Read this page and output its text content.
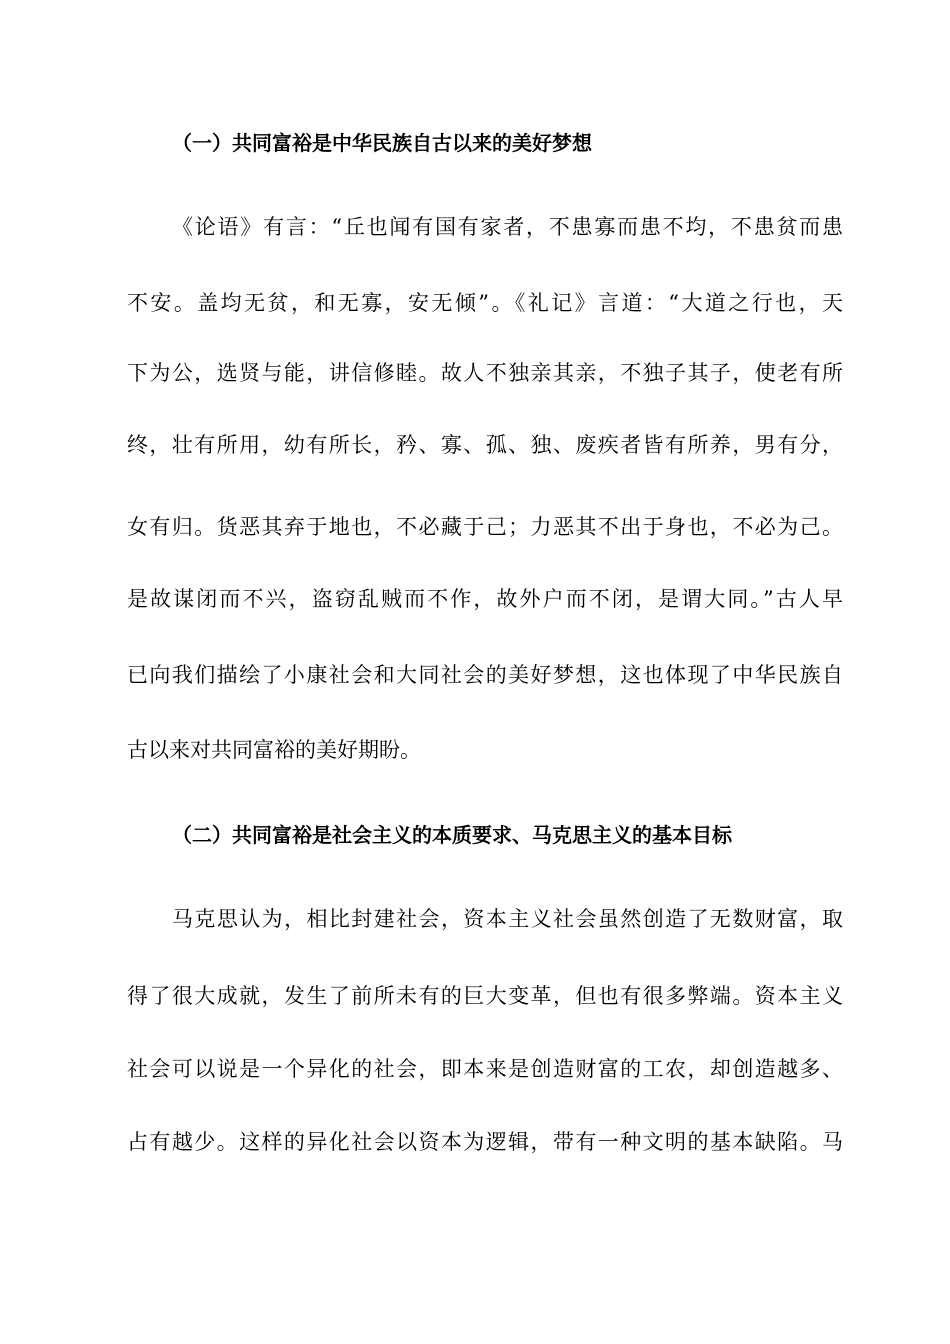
（一）共同富裕是中华民族自古以来的美好梦想
《论语》有言：“丘也闻有国有家者，不患寡而患不均，不患贫而患
不安。盖均无贫，和无寡，安无倾”。《礼记》言道：“大道之行也，天
下为公，选贤与能，讲信修睦。故人不独亲其亲，不独子其子，使老有所
终，壮有所用，幼有所长，矜、寡、孤、独、废疾者皆有所养，男有分，
女有归。货恶其弃于地也，不必藏于己；力恶其不出于身也，不必为己。
是故谋闭而不兴，盗窃乱贼而不作，故外户而不闭，是谓大同。”古人早
已向我们描绘了小康社会和大同社会的美好梦想，这也体现了中华民族自
古以来对共同富裕的美好期盼。
（二）共同富裕是社会主义的本质要求、马克思主义的基本目标
马克思认为，相比封建社会，资本主义社会虽然创造了无数财富，取
得了很大成就，发生了前所未有的巨大变革，但也有很多弊端。资本主义
社会可以说是一个异化的社会，即本来是创造财富的工农，却创造越多、
占有越少。这样的异化社会以资本为逻辑，带有一种文明的基本缺陷。马
